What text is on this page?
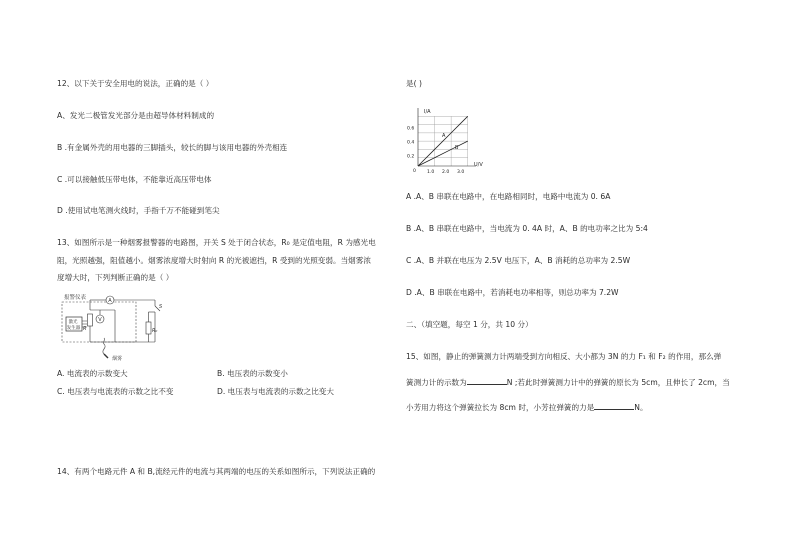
12、以下关于安全用电的说法，正确的是（ ）
A、发光二极管发光部分是由超导体材料制成的
B .有金属外壳的用电器的三脚插头，较长的脚与该用电器的外壳相连
C .可以接触低压带电体，不能靠近高压带电体
D .使用试电笔测火线时，手指千万不能碰到笔尖
13、如图所示是一种烟雾报警器的电路图，开关 S 处于闭合状态，R₀ 是定值电阻，R 为感光电
阻，光照越强，阻值越小。烟雾浓度增大时射向 R 的光被遮挡，R 受到的光照变弱。当烟雾浓
度增大时，下列判断正确的是（ ）
报警仪表	A
V
R	R₀
S
激光
发生器
烟雾
A. 电流表的示数变大	B. 电压表的示数变小
C. 电压表与电流表的示数之比不变	D. 电压表与电流表的示数之比变大
14、有两个电路元件 A 和 B,流经元件的电流与其两端的电压的关系如图所示，下列说法正确的
是( )
I/A
U/V
0
0.2
0.4
0.6
1.0 2.0 3.0
A
B
A .A、B 串联在电路中，在电路相同时，电路中电流为 0. 6A
B .A、B 串联在电路中，当电流为 0. 4A 时，A、B 的电功率之比为 5:4
C .A、B 并联在电压为 2.5V 电压下，A、B 消耗的总功率为 2.5W
D .A、B 串联在电路中，若消耗电功率相等，则总功率为 7.2W
二、（填空题，每空 1 分，共 10 分）
15、如图，静止的弹簧测力计两端受到方向相反、大小都为 3N 的力 F₁ 和 F₂ 的作用，那么弹
簧测力计的示数为	N ;若此时弹簧测力计中的弹簧的原长为 5cm，且伸长了 2cm，当
小芳用力将这个弹簧拉长为 8cm 时，小芳拉弹簧的力是	N。
